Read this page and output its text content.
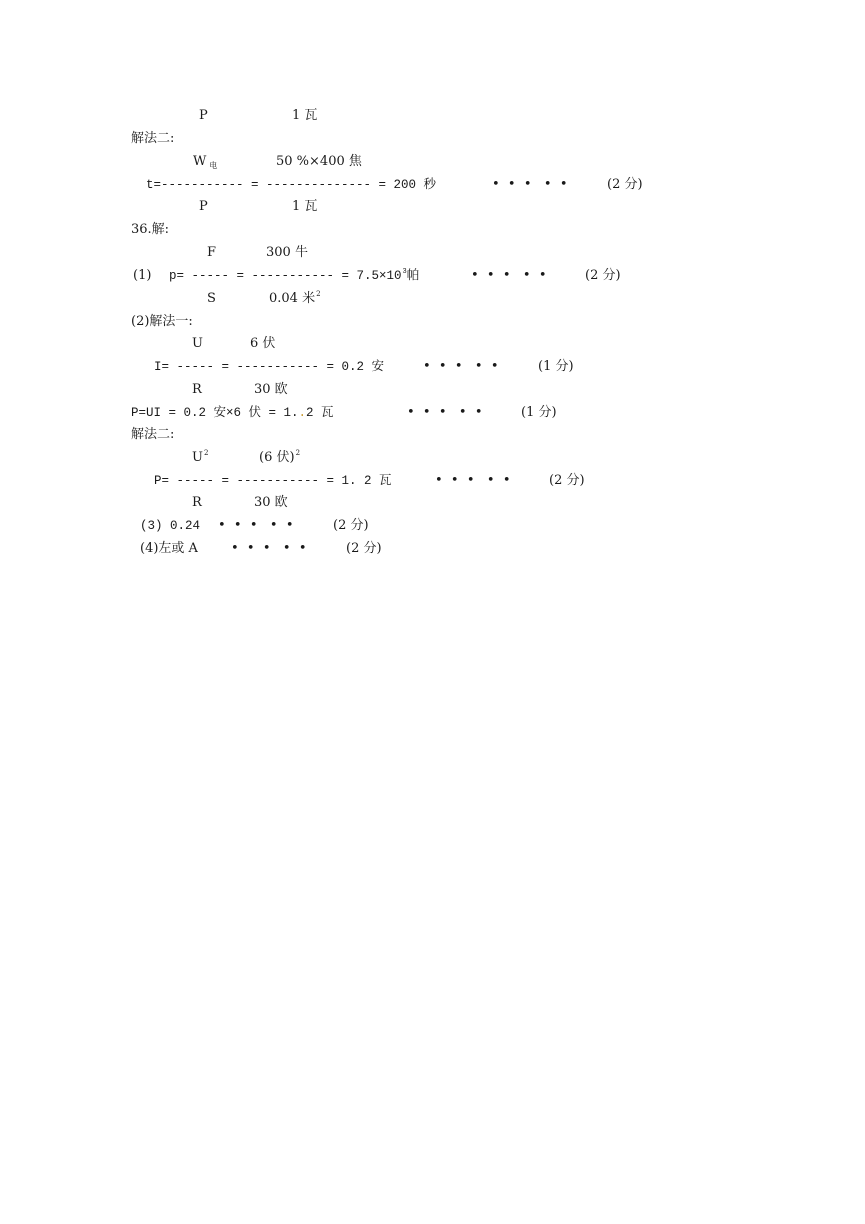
P	1 瓦
解法二:
W $_电$	50 %×400 焦
t=----------- = -------------- = 200 秒	•  •  •   •  •	(2 分)
P	1 瓦
36.解:
F	300 牛
(1) p= ----- = ----------- = $7.5\times 10^3$帕	•  •  •   •  •	(2 分)
S	0.04 米$^2$
(2)解法一:
U	6 伏
I= ----- = ----------- = 0.2 安	•  •  •   •  •	(1 分)
R	30 欧
P=UI = 0.2 安×6 伏 = 1..2 瓦	•  •  •   •  •	(1 分)
解法二:
$U^2$	(6 伏)$^2$
P= ----- = ----------- = 1. 2 瓦	•  •  •   •  •	(2 分)
R	30 欧
(3) 0.24 •  •  •   •  •	(2 分)
(4)左或 A	•  •  •   •  •	(2 分)
